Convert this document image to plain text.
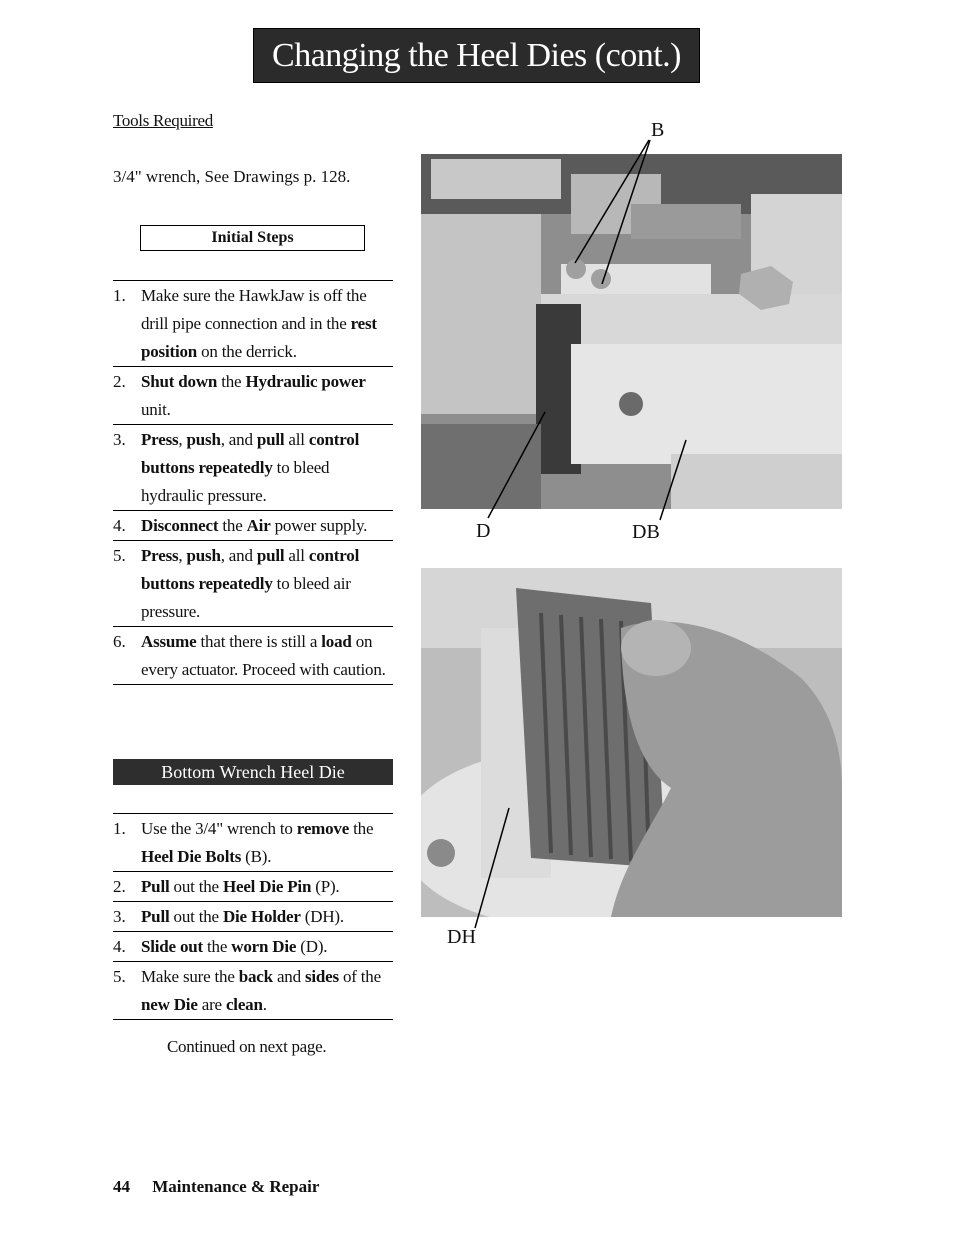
Changing the Heel Dies (cont.)
Tools Required
3/4" wrench, See Drawings p. 128.
Initial Steps
1. Make sure the HawkJaw is off the drill pipe connection and in the rest position on the derrick.
2. Shut down the Hydraulic power unit.
3. Press, push, and pull all control buttons repeatedly to bleed hydraulic pressure.
4. Disconnect the Air power supply.
5. Press, push, and pull all control buttons repeatedly to bleed air pressure.
6. Assume that there is still a load on every actuator. Proceed with caution.
Bottom Wrench Heel Die
1. Use the 3/4" wrench to remove the Heel Die Bolts (B).
2. Pull out the Heel Die Pin (P).
3. Pull out the Die Holder (DH).
4. Slide out the worn Die (D).
5. Make sure the back and sides of the new Die are clean.
Continued on next page.
44 Maintenance & Repair
B
D	DB
DH
